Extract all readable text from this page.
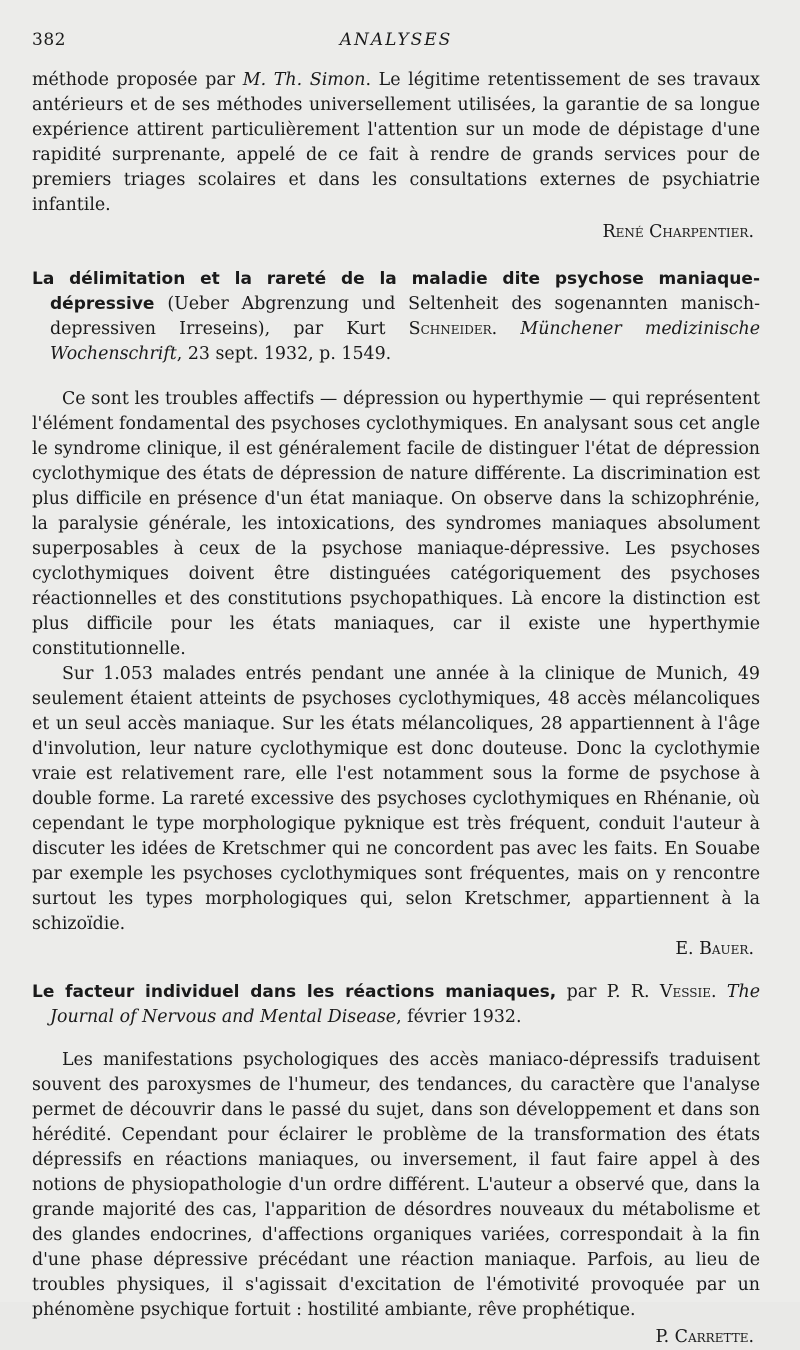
382	ANALYSES

méthode proposée par M. Th. Simon. Le légitime retentissement de ses travaux antérieurs et de ses méthodes universellement utilisées, la garantie de sa longue expérience attirent particulièrement l'attention sur un mode de dépistage d'une rapidité surprenante, appelé de ce fait à rendre de grands services pour de premiers triages scolaires et dans les consultations externes de psychiatrie infantile.

René Charpentier.

La délimitation et la rareté de la maladie dite psychose maniaque-dépressive (Ueber Abgrenzung und Seltenheit des sogenannten manisch-depressiven Irreseins), par Kurt Schneider. Münchener medizinische Wochenschrift, 23 sept. 1932, p. 1549.

Ce sont les troubles affectifs — dépression ou hyperthymie — qui représentent l'élément fondamental des psychoses cyclothymiques. En analysant sous cet angle le syndrome clinique, il est généralement facile de distinguer l'état de dépression cyclothymique des états de dépression de nature différente. La discrimination est plus difficile en présence d'un état maniaque. On observe dans la schizophrénie, la paralysie générale, les intoxications, des syndromes maniaques absolument superposables à ceux de la psychose maniaque-dépressive. Les psychoses cyclothymiques doivent être distinguées catégoriquement des psychoses réactionnelles et des constitutions psychopathiques. Là encore la distinction est plus difficile pour les états maniaques, car il existe une hyperthymie constitutionnelle.

Sur 1.053 malades entrés pendant une année à la clinique de Munich, 49 seulement étaient atteints de psychoses cyclothymiques, 48 accès mélancoliques et un seul accès maniaque. Sur les états mélancoliques, 28 appartiennent à l'âge d'involution, leur nature cyclothymique est donc douteuse. Donc la cyclothymie vraie est relativement rare, elle l'est notamment sous la forme de psychose à double forme. La rareté excessive des psychoses cyclothymiques en Rhénanie, où cependant le type morphologique pyknique est très fréquent, conduit l'auteur à discuter les idées de Kretschmer qui ne concordent pas avec les faits. En Souabe par exemple les psychoses cyclothymiques sont fréquentes, mais on y rencontre surtout les types morphologiques qui, selon Kretschmer, appartiennent à la schizoïdie.

E. Bauer.

Le facteur individuel dans les réactions maniaques, par P. R. Vessie. The Journal of Nervous and Mental Disease, février 1932.

Les manifestations psychologiques des accès maniaco-dépressifs traduisent souvent des paroxysmes de l'humeur, des tendances, du caractère que l'analyse permet de découvrir dans le passé du sujet, dans son développement et dans son hérédité. Cependant pour éclairer le problème de la transformation des états dépressifs en réactions maniaques, ou inversement, il faut faire appel à des notions de physiopathologie d'un ordre différent. L'auteur a observé que, dans la grande majorité des cas, l'apparition de désordres nouveaux du métabolisme et des glandes endocrines, d'affections organiques variées, correspondait à la fin d'une phase dépressive précédant une réaction maniaque. Parfois, au lieu de troubles physiques, il s'agissait d'excitation de l'émotivité provoquée par un phénomène psychique fortuit : hostilité ambiante, rêve prophétique.

P. Carrette.
